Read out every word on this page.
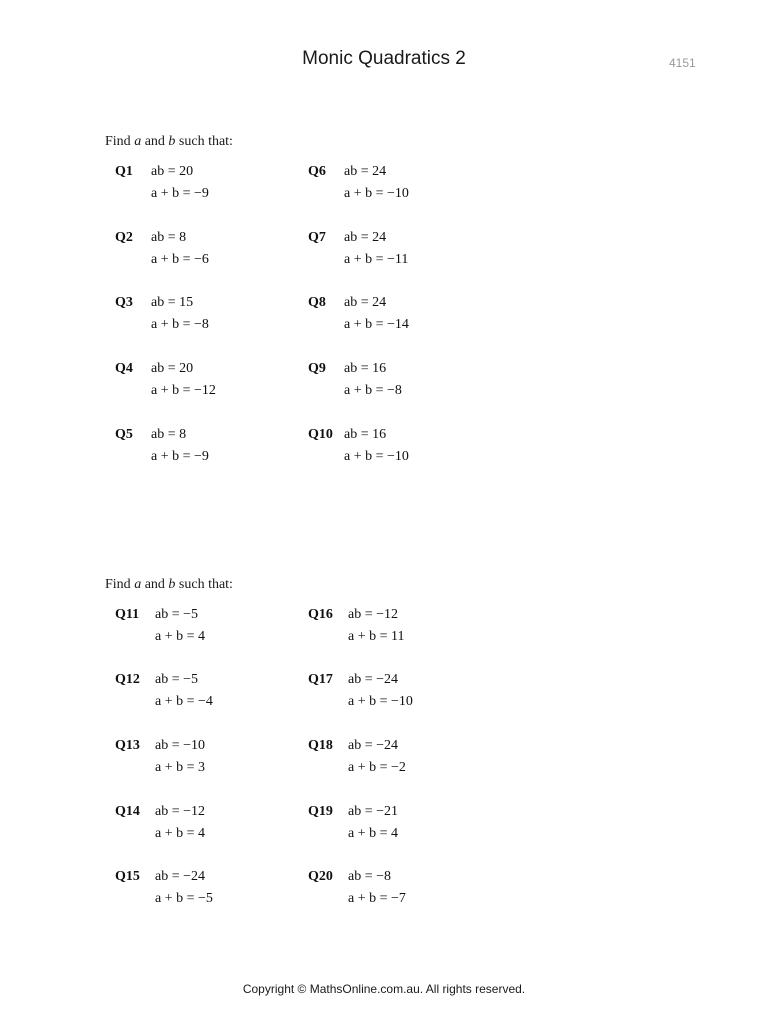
Monic Quadratics 2	4151
Find a and b such that:
Q1 ab = 20
a + b = −9
Q2 ab = 8
a + b = −6
Q3 ab = 15
a + b = −8
Q4 ab = 20
a + b = −12
Q5 ab = 8
a + b = −9
Q6 ab = 24
a + b = −10
Q7 ab = 24
a + b = −11
Q8 ab = 24
a + b = −14
Q9 ab = 16
a + b = −8
Q10 ab = 16
a + b = −10
Find a and b such that:
Q11 ab = −5
a + b = 4
Q12 ab = −5
a + b = −4
Q13 ab = −10
a + b = 3
Q14 ab = −12
a + b = 4
Q15 ab = −24
a + b = −5
Q16 ab = −12
a + b = 11
Q17 ab = −24
a + b = −10
Q18 ab = −24
a + b = −2
Q19 ab = −21
a + b = 4
Q20 ab = −8
a + b = −7
Copyright © MathsOnline.com.au. All rights reserved.
